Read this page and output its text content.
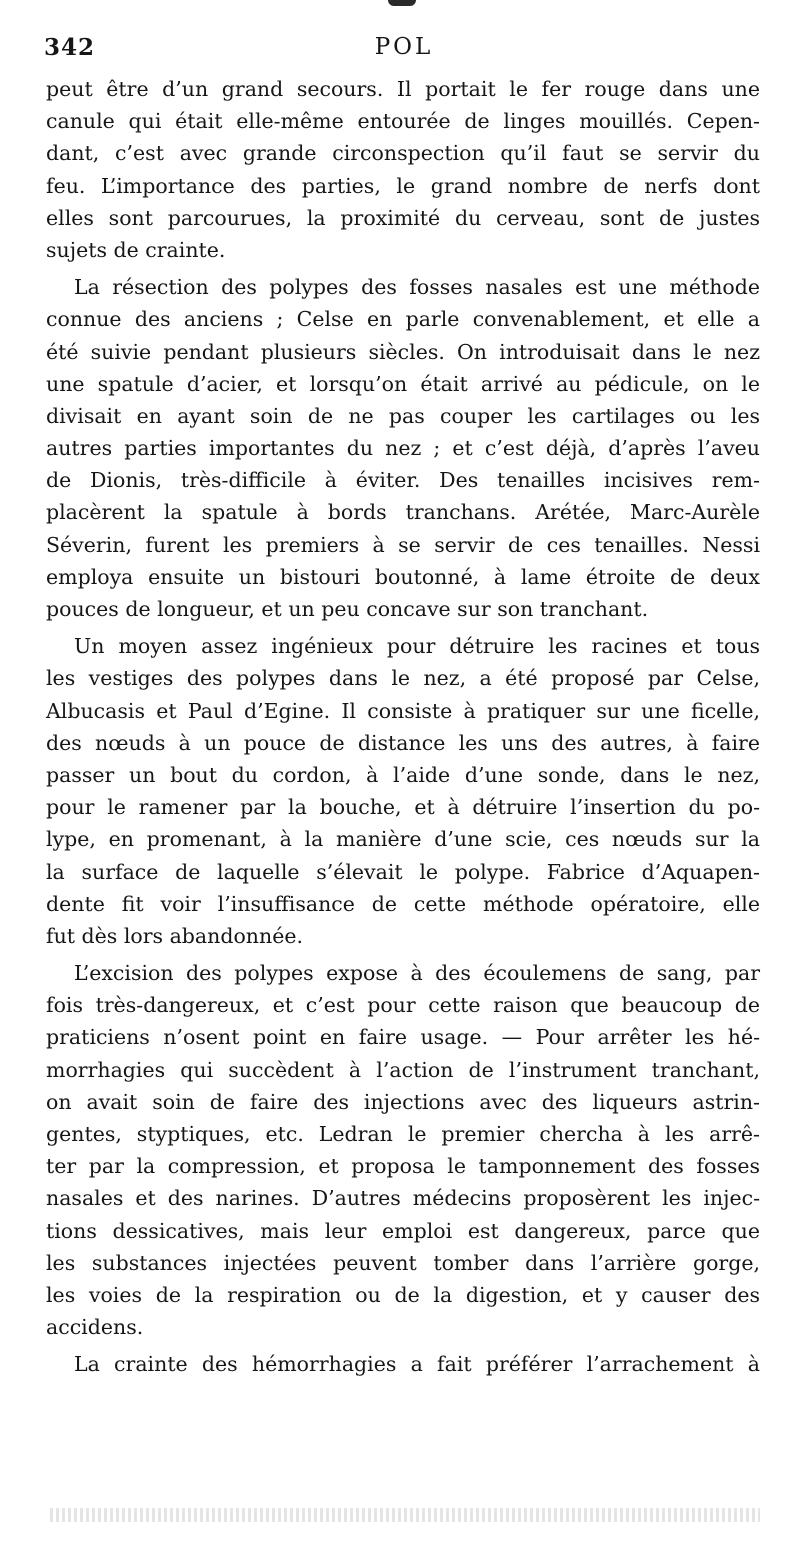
342	POL

peut être d’un grand secours. Il portait le fer rouge dans une
canule qui était elle-même entourée de linges mouillés. Cepen-
dant, c’est avec grande circonspection qu’il faut se servir du
feu. L’importance des parties, le grand nombre de nerfs dont
elles sont parcourues, la proximité du cerveau, sont de justes
sujets de crainte.

La résection des polypes des fosses nasales est une méthode
connue des anciens ; Celse en parle convenablement, et elle a
été suivie pendant plusieurs siècles. On introduisait dans le nez
une spatule d’acier, et lorsqu’on était arrivé au pédicule, on le
divisait en ayant soin de ne pas couper les cartilages ou les
autres parties importantes du nez ; et c’est déjà, d’après l’aveu
de Dionis, très-difficile à éviter. Des tenailles incisives rem-
placèrent la spatule à bords tranchans. Arétée, Marc-Aurèle
Séverin, furent les premiers à se servir de ces tenailles. Nessi
employa ensuite un bistouri boutonné, à lame étroite de deux
pouces de longueur, et un peu concave sur son tranchant.

Un moyen assez ingénieux pour détruire les racines et tous
les vestiges des polypes dans le nez, a été proposé par Celse,
Albucasis et Paul d’Egine. Il consiste à pratiquer sur une ficelle,
des nœuds à un pouce de distance les uns des autres, à faire
passer un bout du cordon, à l’aide d’une sonde, dans le nez,
pour le ramener par la bouche, et à détruire l’insertion du po-
lype, en promenant, à la manière d’une scie, ces nœuds sur la
la surface de laquelle s’élevait le polype. Fabrice d’Aquapen-
dente fit voir l’insuffisance de cette méthode opératoire, elle
fut dès lors abandonnée.

L’excision des polypes expose à des écoulemens de sang, par
fois très-dangereux, et c’est pour cette raison que beaucoup de
praticiens n’osent point en faire usage. — Pour arrêter les hé-
morrhagies qui succèdent à l’action de l’instrument tranchant,
on avait soin de faire des injections avec des liqueurs astrin-
gentes, styptiques, etc. Ledran le premier chercha à les arrê-
ter par la compression, et proposa le tamponnement des fosses
nasales et des narines. D’autres médecins proposèrent les injec-
tions dessicatives, mais leur emploi est dangereux, parce que
les substances injectées peuvent tomber dans l’arrière gorge,
les voies de la respiration ou de la digestion, et y causer des
accidens.

La crainte des hémorrhagies a fait préférer l’arrachement à
